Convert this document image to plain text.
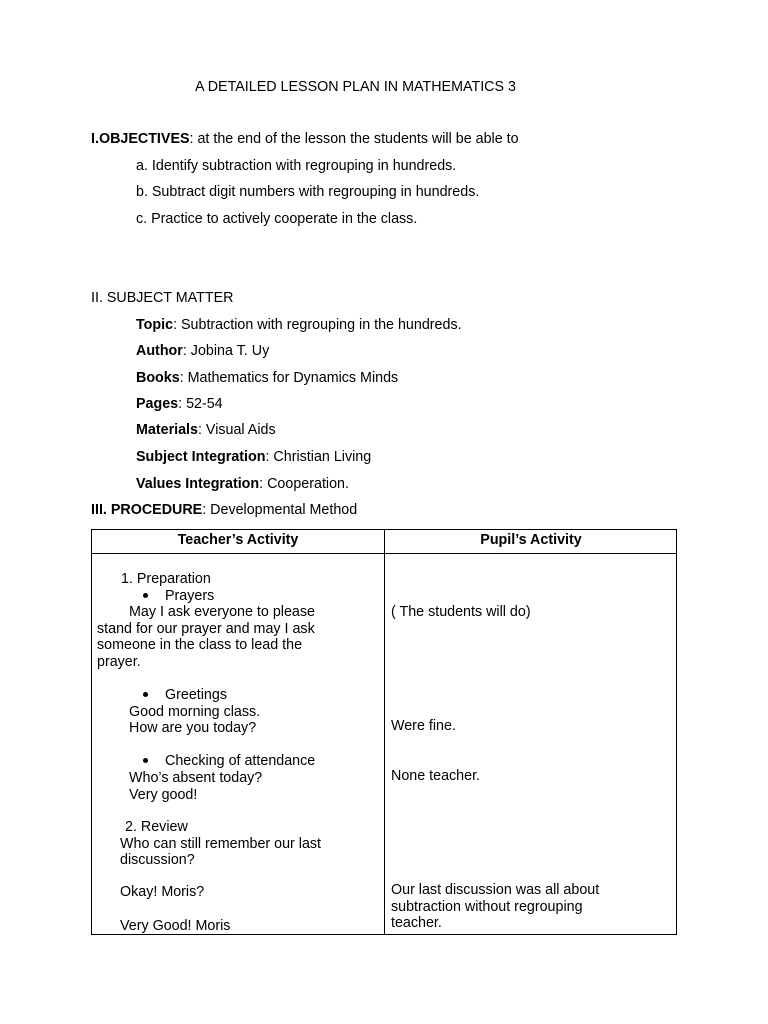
A DETAILED LESSON PLAN IN MATHEMATICS 3
I.OBJECTIVES: at the end of the lesson the students will be able to
a. Identify subtraction with regrouping in hundreds.
b. Subtract digit numbers with regrouping in hundreds.
c. Practice to actively cooperate in the class.
II. SUBJECT MATTER
Topic: Subtraction with regrouping in the hundreds.
Author: Jobina T. Uy
Books: Mathematics for Dynamics Minds
Pages: 52-54
Materials: Visual Aids
Subject Integration: Christian Living
Values Integration: Cooperation.
III. PROCEDURE: Developmental Method
Teacher’s Activity	Pupil’s Activity
1. Preparation
Prayers
May I ask everyone to please
stand for our prayer and may I ask
someone in the class to lead the
prayer.
Greetings
Good morning class.
How are you today?
Checking of attendance
Who’s absent today?
Very good!
2. Review
Who can still remember our last
discussion?
Okay! Moris?
Very Good! Moris
( The students will do)
Were fine.
None teacher.
Our last discussion was all about
subtraction without regrouping
teacher.
